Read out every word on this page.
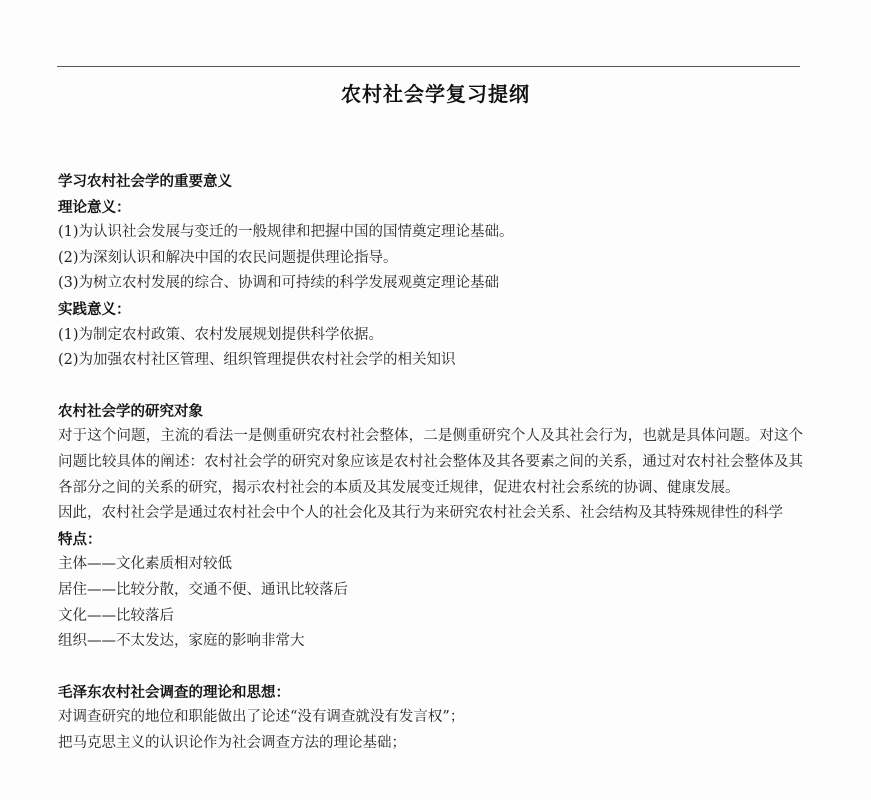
农村社会学复习提纲

学习农村社会学的重要意义

理论意义：

(1)为认识社会发展与变迁的一般规律和把握中国的国情奠定理论基础。

(2)为深刻认识和解决中国的农民问题提供理论指导。

(3)为树立农村发展的综合、协调和可持续的科学发展观奠定理论基础

实践意义：

(1)为制定农村政策、农村发展规划提供科学依据。

(2)为加强农村社区管理、组织管理提供农村社会学的相关知识

农村社会学的研究对象

对于这个问题，主流的看法一是侧重研究农村社会整体，二是侧重研究个人及其社会行为，也就是具体问题。对这个问题比较具体的阐述：农村社会学的研究对象应该是农村社会整体及其各要素之间的关系，通过对农村社会整体及其各部分之间的关系的研究，揭示农村社会的本质及其发展变迁规律，促进农村社会系统的协调、健康发展。

因此，农村社会学是通过农村社会中个人的社会化及其行为来研究农村社会关系、社会结构及其特殊规律性的科学

特点：

主体——文化素质相对较低

居住——比较分散，交通不便、通讯比较落后

文化——比较落后

组织——不太发达，家庭的影响非常大

毛泽东农村社会调查的理论和思想：

对调查研究的地位和职能做出了论述“没有调查就没有发言权”；

把马克思主义的认识论作为社会调查方法的理论基础；
